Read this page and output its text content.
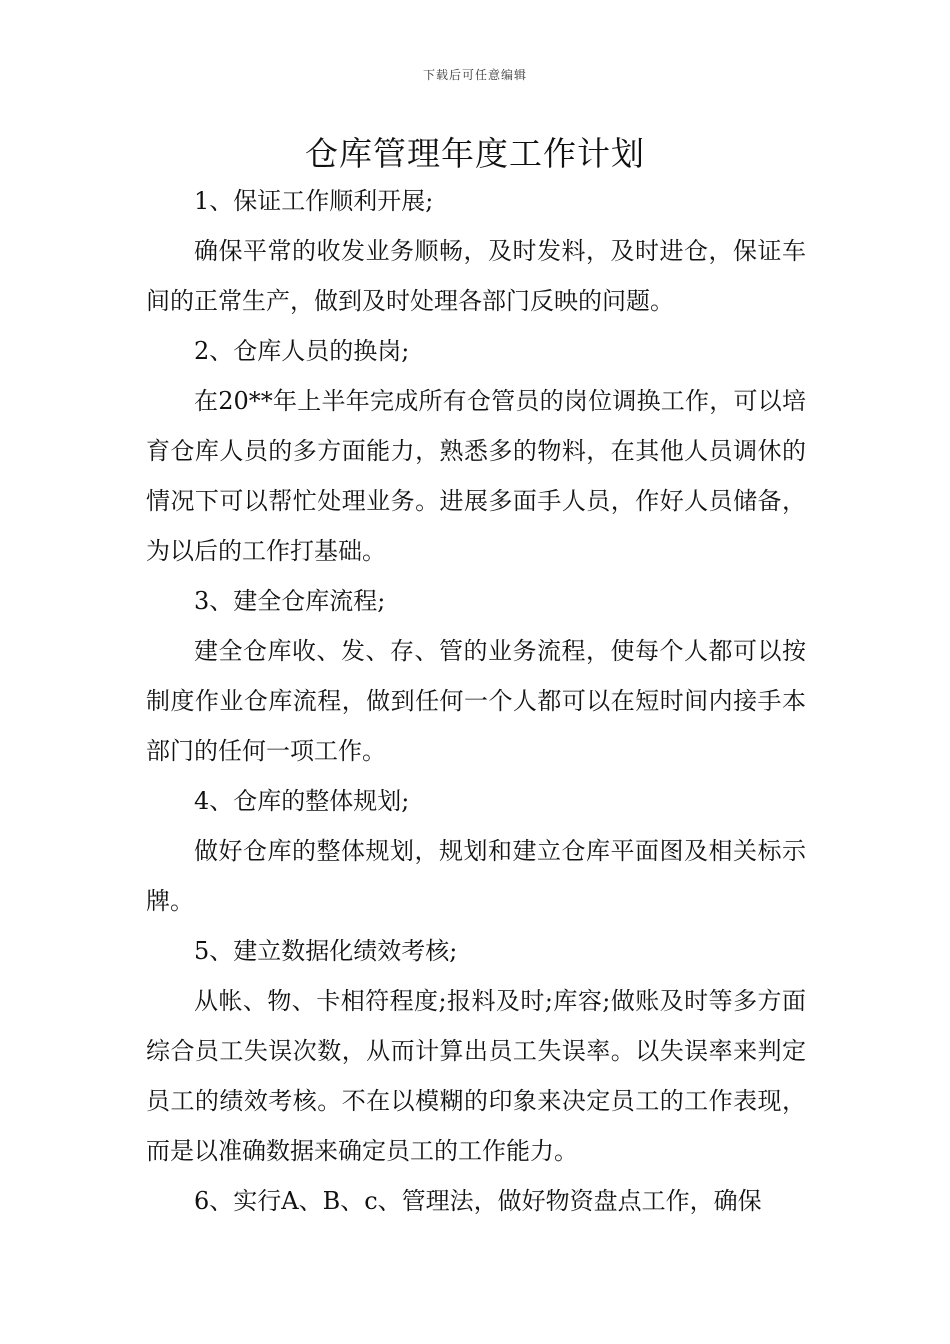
下载后可任意编辑
仓库管理年度工作计划

1、保证工作顺利开展;

确保平常的收发业务顺畅，及时发料，及时进仓，保证车间的正常生产，做到及时处理各部门反映的问题。

2、仓库人员的换岗;

在20**年上半年完成所有仓管员的岗位调换工作，可以培育仓库人员的多方面能力，熟悉多的物料，在其他人员调休的情况下可以帮忙处理业务。进展多面手人员，作好人员储备，为以后的工作打基础。

3、建全仓库流程;

建全仓库收、发、存、管的业务流程，使每个人都可以按制度作业仓库流程，做到任何一个人都可以在短时间内接手本部门的任何一项工作。

4、仓库的整体规划;

做好仓库的整体规划，规划和建立仓库平面图及相关标示牌。

5、建立数据化绩效考核;

从帐、物、卡相符程度;报料及时;库容;做账及时等多方面综合员工失误次数，从而计算出员工失误率。以失误率来判定员工的绩效考核。不在以模糊的印象来决定员工的工作表现，而是以准确数据来确定员工的工作能力。

6、实行A、B、c、管理法，做好物资盘点工作，确保
